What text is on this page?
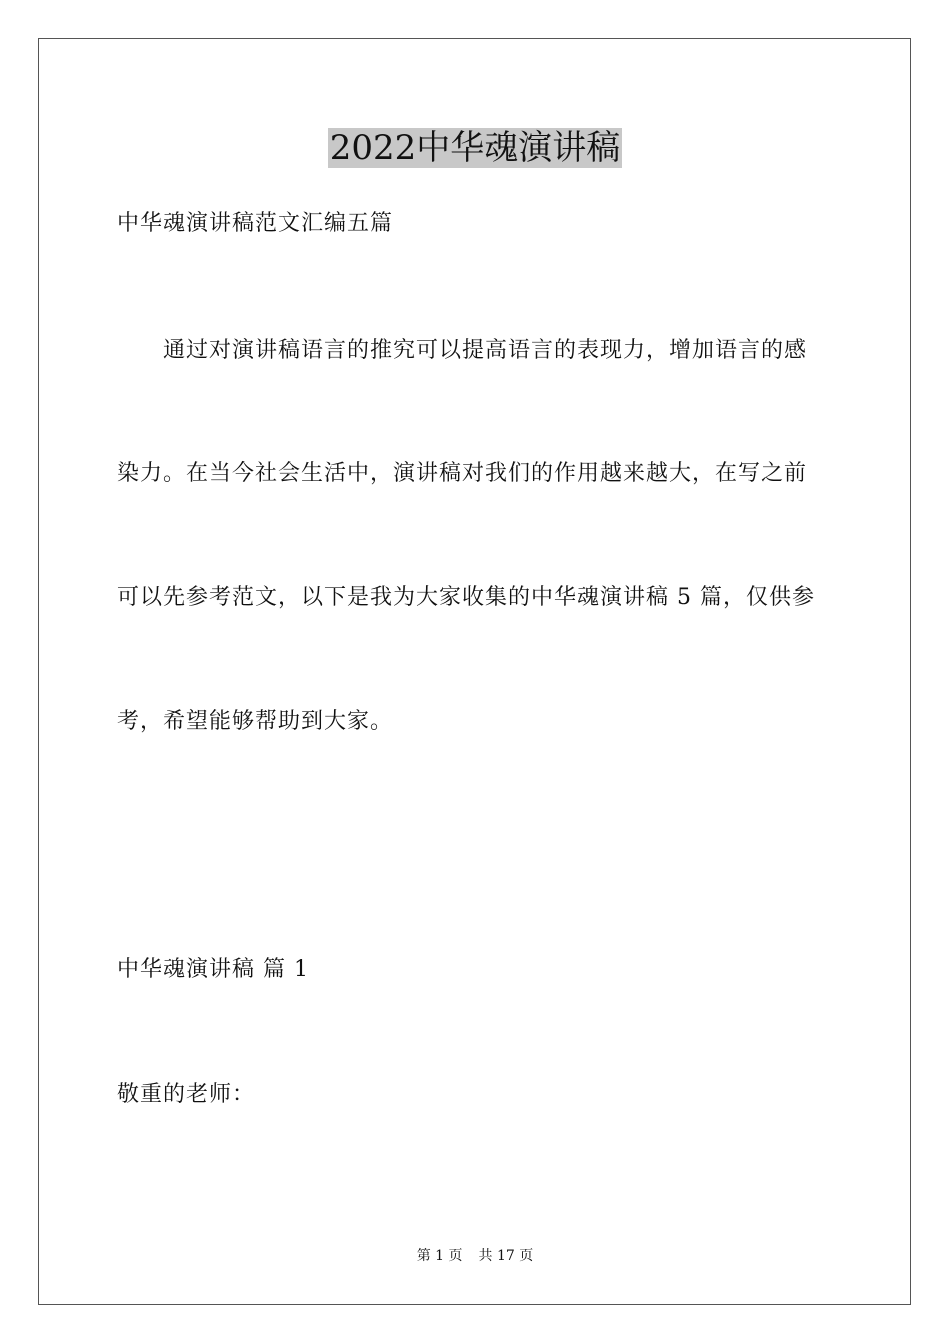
2022中华魂演讲稿
中华魂演讲稿范文汇编五篇
通过对演讲稿语言的推究可以提高语言的表现力，增加语言的感
染力。在当今社会生活中，演讲稿对我们的作用越来越大，在写之前
可以先参考范文，以下是我为大家收集的中华魂演讲稿 5 篇，仅供参
考，希望能够帮助到大家。
中华魂演讲稿 篇 1
敬重的老师：
第 1 页 共 17 页
